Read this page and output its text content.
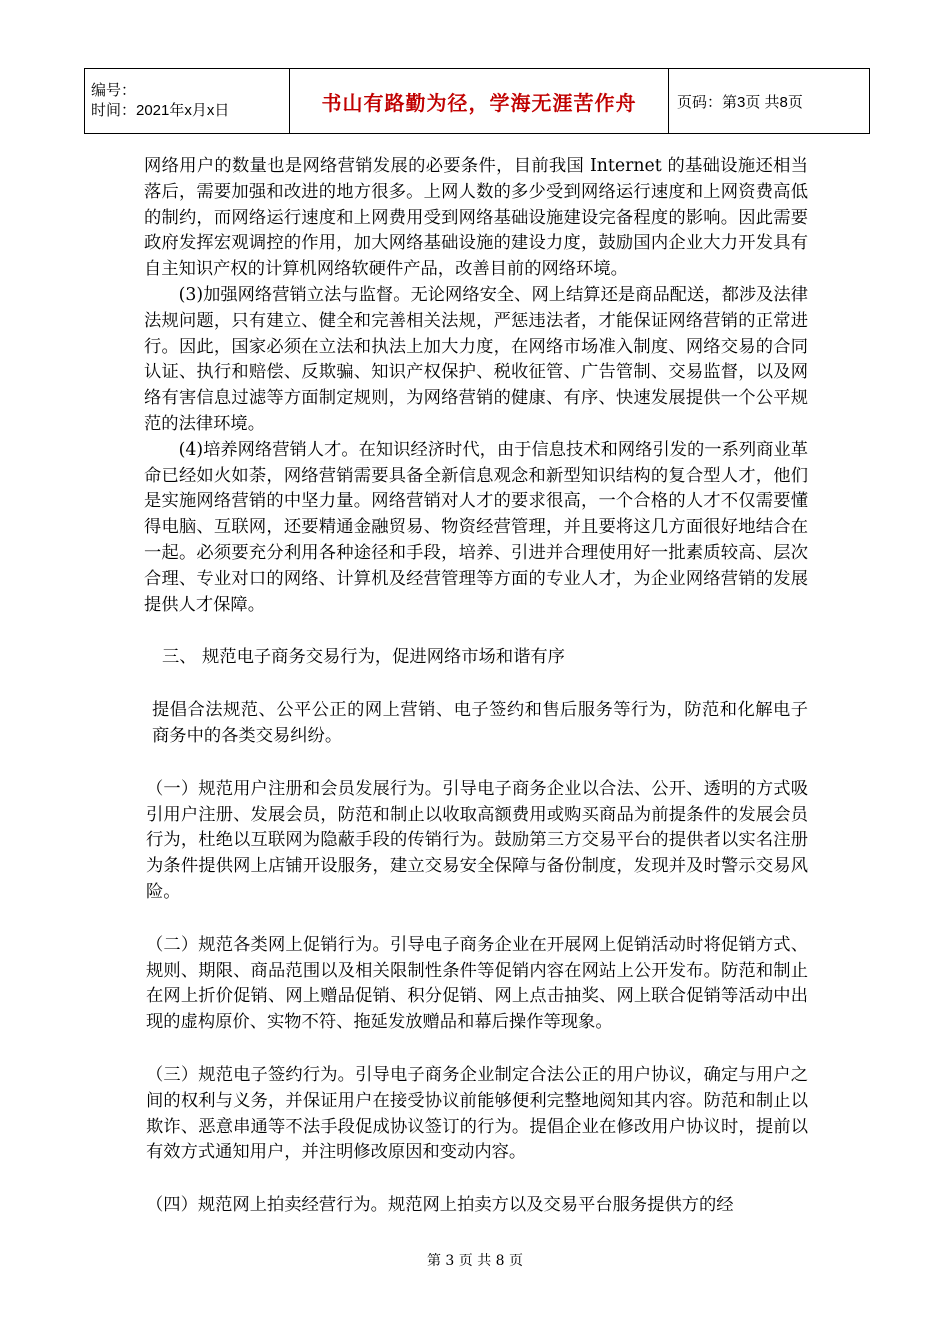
编号：
时间：2021年x月x日	书山有路勤为径，学海无涯苦作舟	页码：第3页 共8页

网络用户的数量也是网络营销发展的必要条件，目前我国 Internet 的基础设施还相当落后，需要加强和改进的地方很多。上网人数的多少受到网络运行速度和上网资费高低的制约，而网络运行速度和上网费用受到网络基础设施建设完备程度的影响。因此需要政府发挥宏观调控的作用，加大网络基础设施的建设力度，鼓励国内企业大力开发具有自主知识产权的计算机网络软硬件产品，改善目前的网络环境。

(3)加强网络营销立法与监督。无论网络安全、网上结算还是商品配送，都涉及法律法规问题，只有建立、健全和完善相关法规，严惩违法者，才能保证网络营销的正常进行。因此，国家必须在立法和执法上加大力度，在网络市场准入制度、网络交易的合同认证、执行和赔偿、反欺骗、知识产权保护、税收征管、广告管制、交易监督，以及网络有害信息过滤等方面制定规则，为网络营销的健康、有序、快速发展提供一个公平规范的法律环境。

(4)培养网络营销人才。在知识经济时代，由于信息技术和网络引发的一系列商业革命已经如火如荼，网络营销需要具备全新信息观念和新型知识结构的复合型人才，他们是实施网络营销的中坚力量。网络营销对人才的要求很高，一个合格的人才不仅需要懂得电脑、互联网，还要精通金融贸易、物资经营管理，并且要将这几方面很好地结合在一起。必须要充分利用各种途径和手段，培养、引进并合理使用好一批素质较高、层次合理、专业对口的网络、计算机及经营管理等方面的专业人才，为企业网络营销的发展提供人才保障。

三、 规范电子商务交易行为，促进网络市场和谐有序

提倡合法规范、公平公正的网上营销、电子签约和售后服务等行为，防范和化解电子商务中的各类交易纠纷。

（一）规范用户注册和会员发展行为。引导电子商务企业以合法、公开、透明的方式吸引用户注册、发展会员，防范和制止以收取高额费用或购买商品为前提条件的发展会员行为，杜绝以互联网为隐蔽手段的传销行为。鼓励第三方交易平台的提供者以实名注册为条件提供网上店铺开设服务，建立交易安全保障与备份制度，发现并及时警示交易风险。

（二）规范各类网上促销行为。引导电子商务企业在开展网上促销活动时将促销方式、规则、期限、商品范围以及相关限制性条件等促销内容在网站上公开发布。防范和制止在网上折价促销、网上赠品促销、积分促销、网上点击抽奖、网上联合促销等活动中出现的虚构原价、实物不符、拖延发放赠品和幕后操作等现象。

（三）规范电子签约行为。引导电子商务企业制定合法公正的用户协议，确定与用户之间的权利与义务，并保证用户在接受协议前能够便利完整地阅知其内容。防范和制止以欺诈、恶意串通等不法手段促成协议签订的行为。提倡企业在修改用户协议时，提前以有效方式通知用户，并注明修改原因和变动内容。

（四）规范网上拍卖经营行为。规范网上拍卖方以及交易平台服务提供方的经

第 3 页 共 8 页
